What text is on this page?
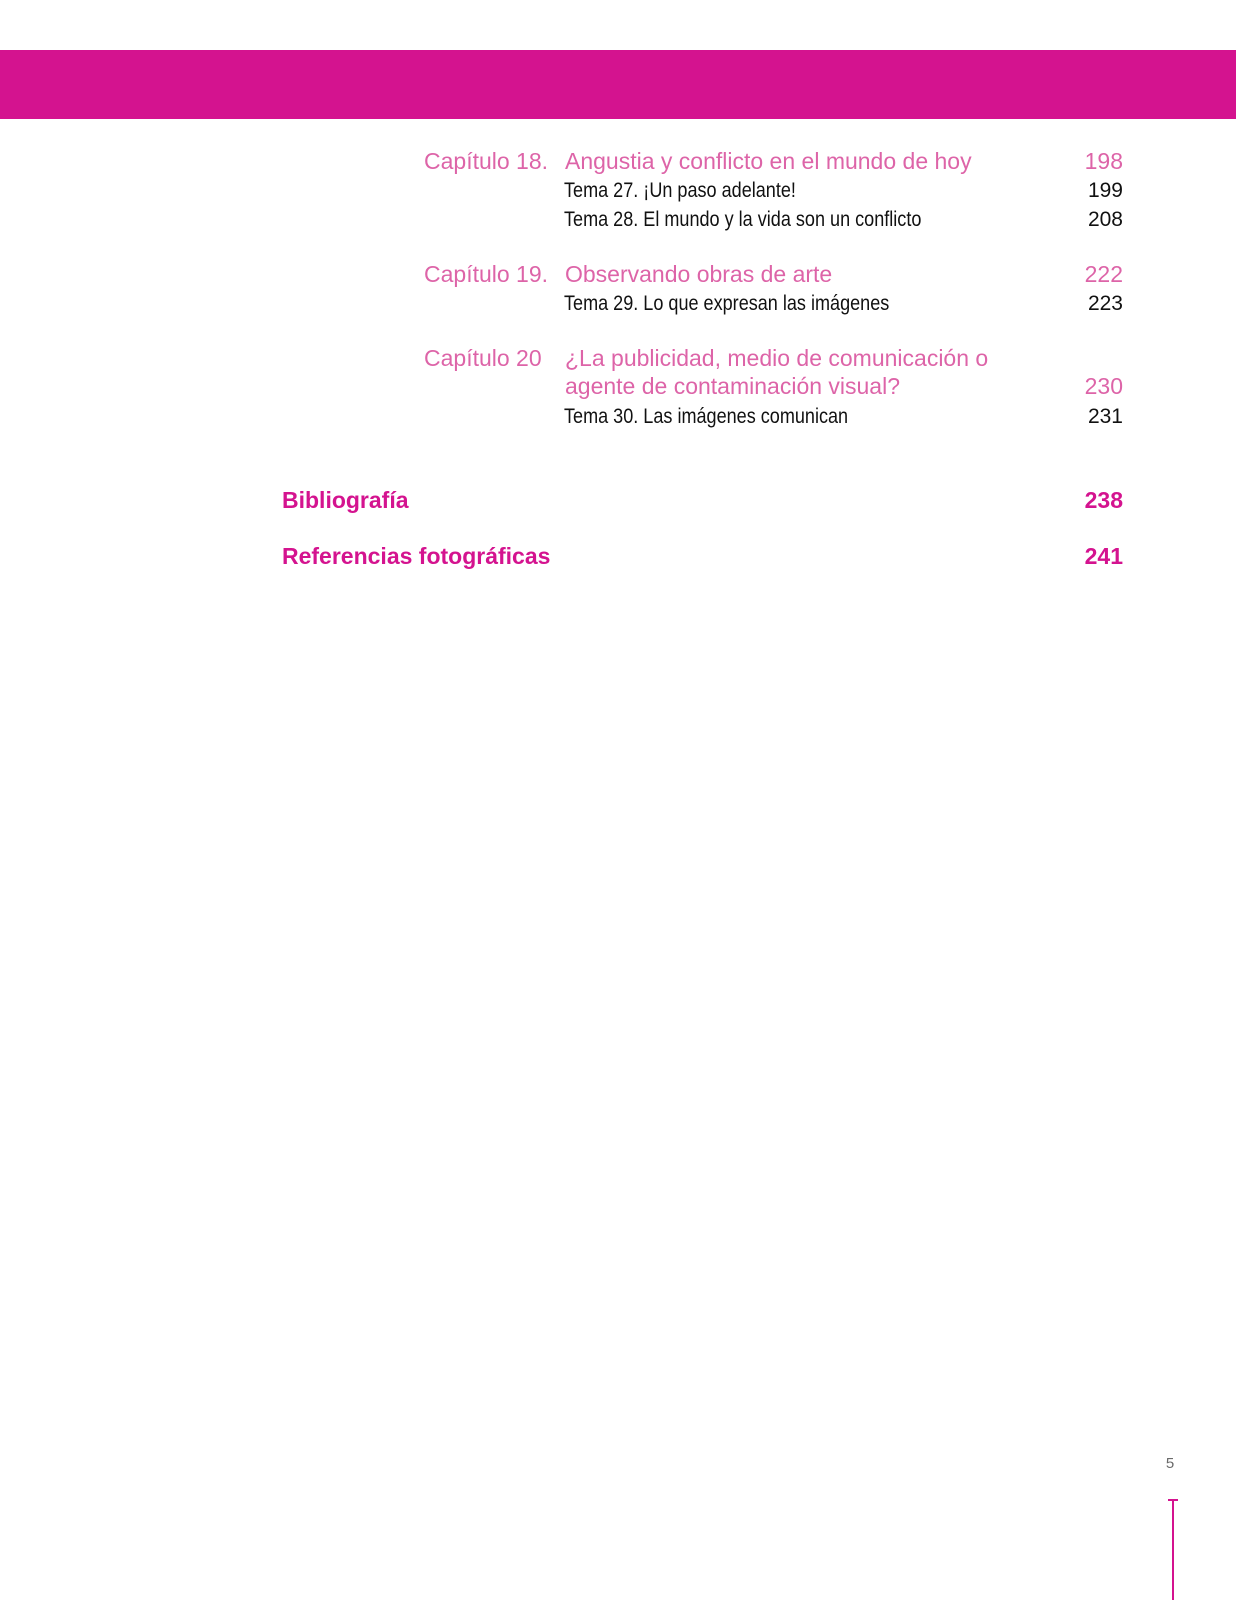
Capítulo 18. Angustia y conflicto en el mundo de hoy	198
Tema 27. ¡Un paso adelante!	199
Tema 28. El mundo y la vida son un conflicto	208
Capítulo 19. Observando obras de arte	222
Tema 29. Lo que expresan las imágenes	223
Capítulo 20 ¿La publicidad, medio de comunicación o
agente de contaminación visual?	230
Tema 30. Las imágenes comunican	231
Bibliografía	238
Referencias fotográficas	241
5
